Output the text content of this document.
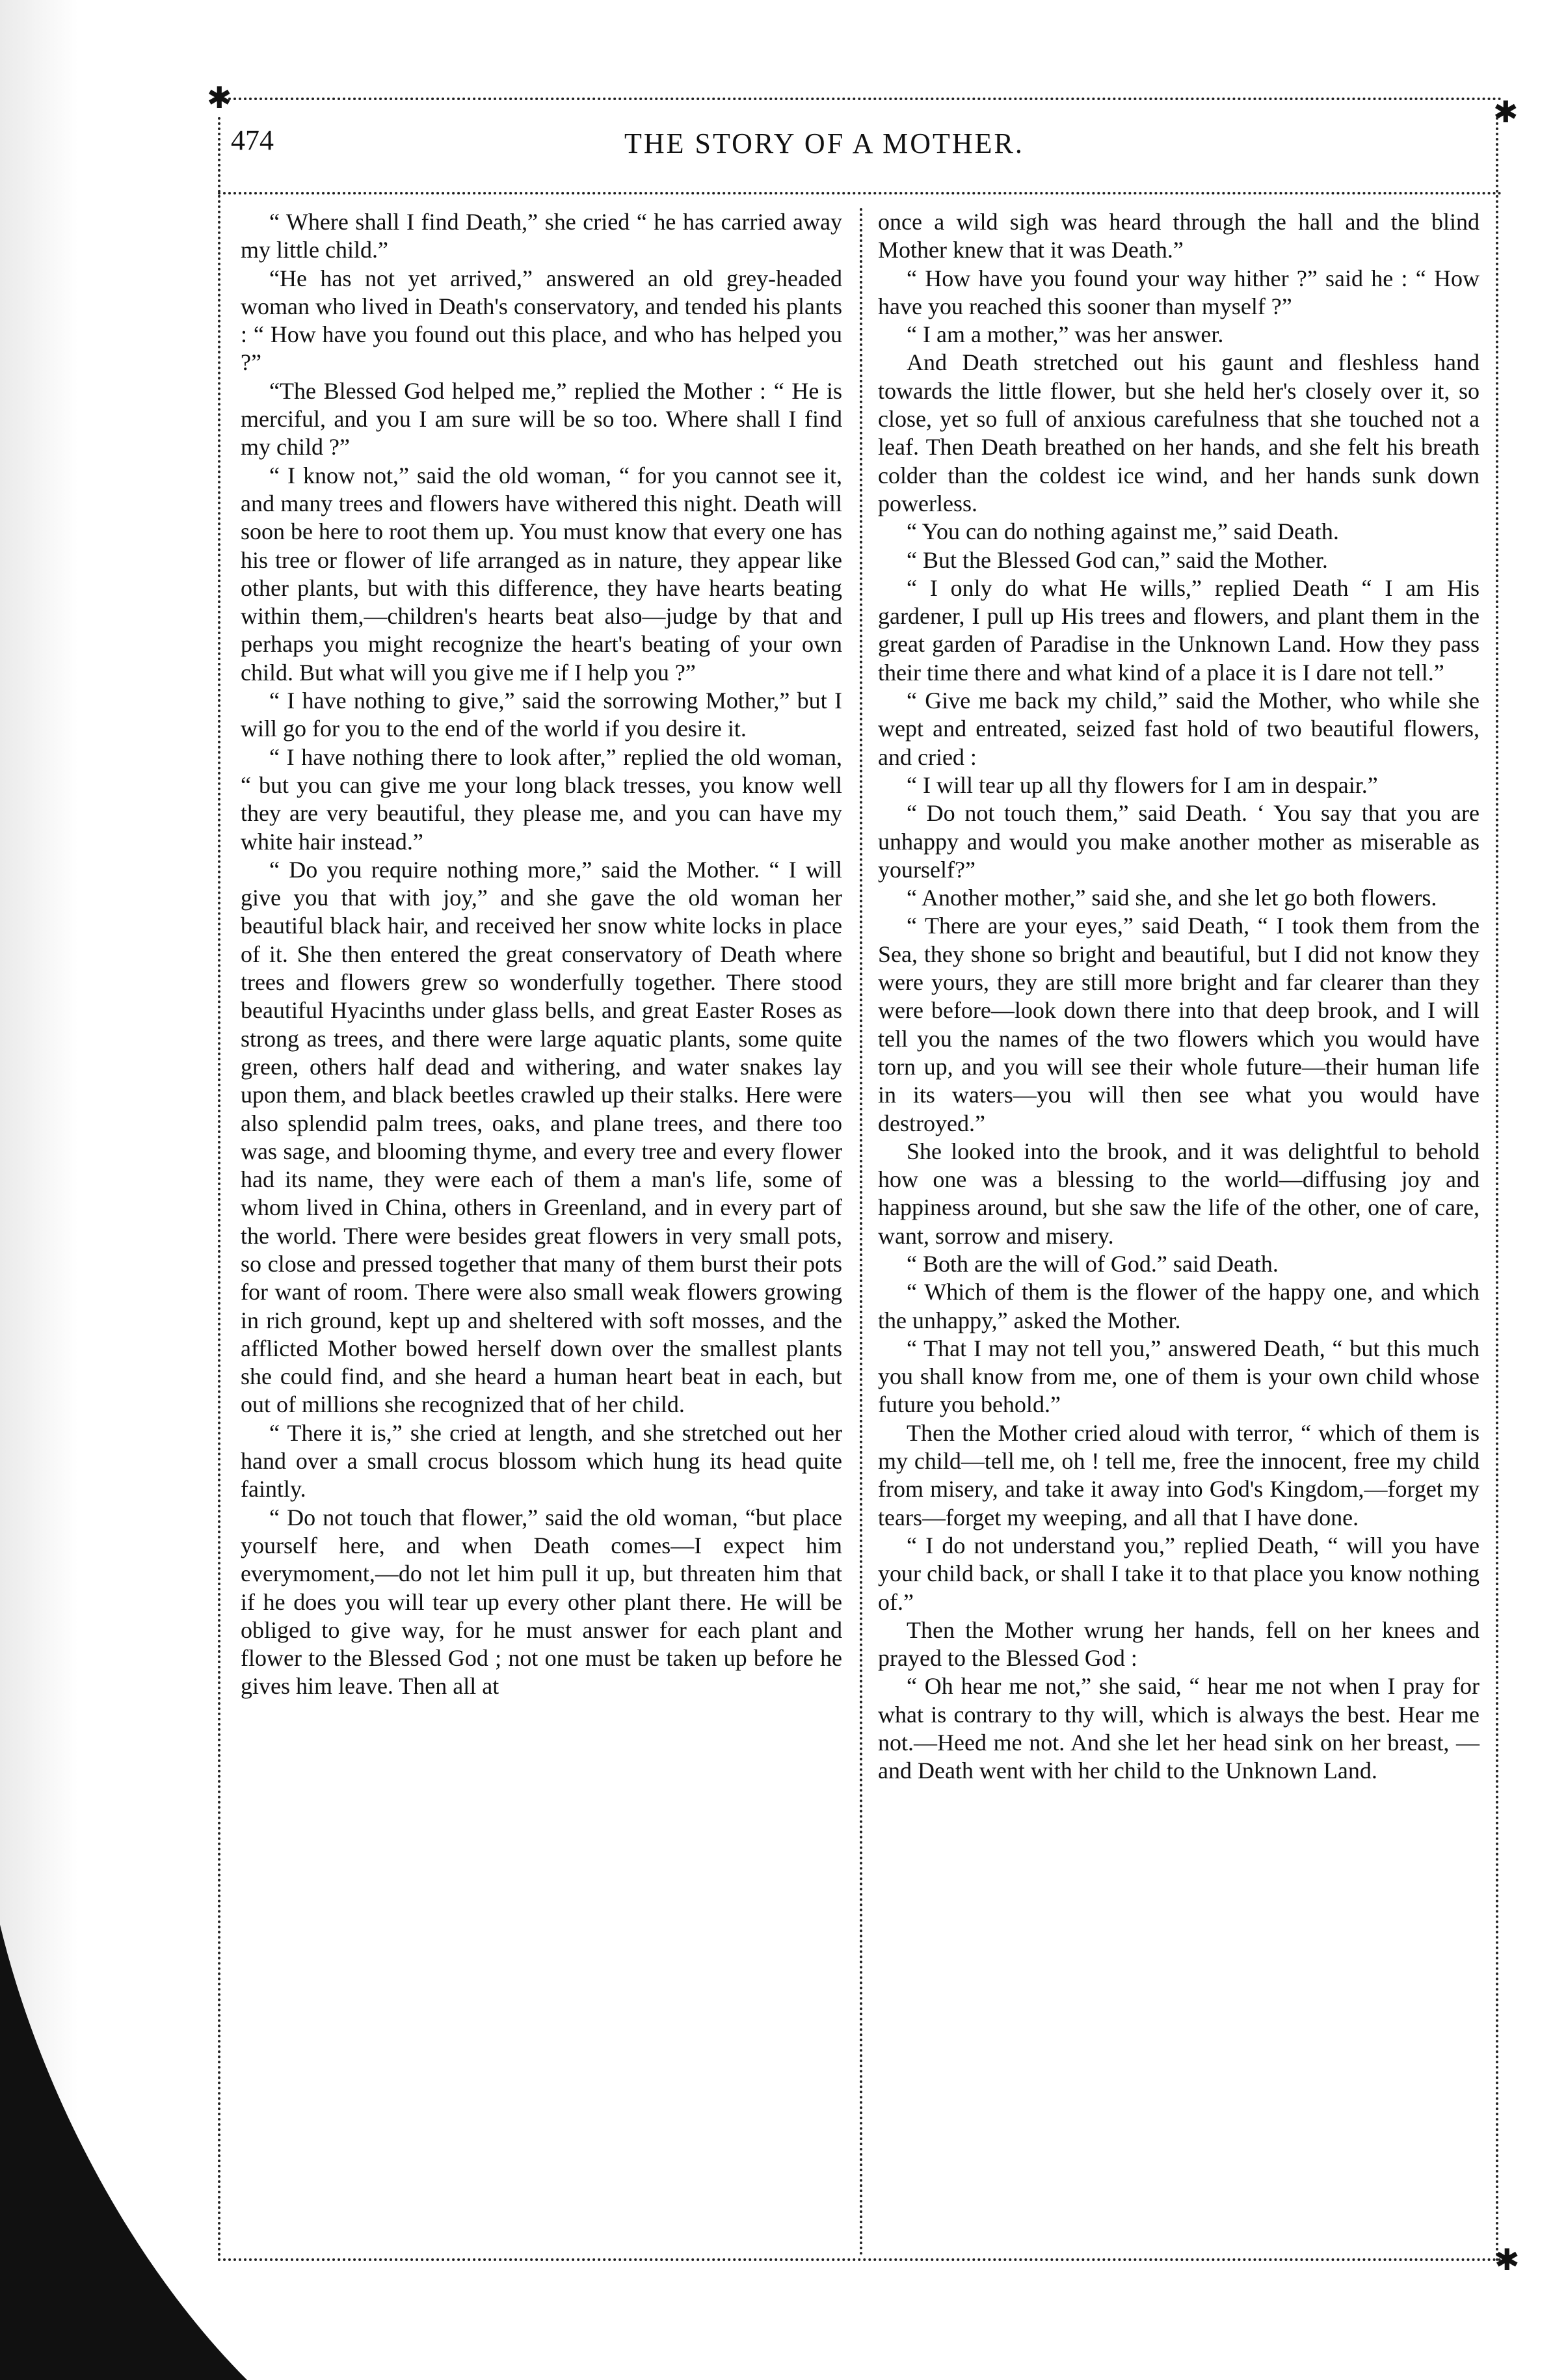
✱	✱
✱
474	THE STORY OF A MOTHER.

“ Where shall I find Death,” she cried “ he has carried away my little child.”

“He has not yet arrived,” answered an old grey-headed woman who lived in Death's conservatory, and tended his plants : “ How have you found out this place, and who has helped you ?”

“The Blessed God helped me,” replied the Mother : “ He is merciful, and you I am sure will be so too. Where shall I find my child ?”

“ I know not,” said the old woman, “ for you cannot see it, and many trees and flowers have withered this night. Death will soon be here to root them up. You must know that every one has his tree or flower of life arranged as in nature, they appear like other plants, but with this difference, they have hearts beating within them,—children's hearts beat also—judge by that and perhaps you might recognize the heart's beating of your own child. But what will you give me if I help you ?”

“ I have nothing to give,” said the sorrowing Mother,” but I will go for you to the end of the world if you desire it.

“ I have nothing there to look after,” replied the old woman, “ but you can give me your long black tresses, you know well they are very beautiful, they please me, and you can have my white hair instead.”

“ Do you require nothing more,” said the Mother. “ I will give you that with joy,” and she gave the old woman her beautiful black hair, and received her snow white locks in place of it. She then entered the great conservatory of Death where trees and flowers grew so wonderfully together. There stood beautiful Hyacinths under glass bells, and great Easter Roses as strong as trees, and there were large aquatic plants, some quite green, others half dead and withering, and water snakes lay upon them, and black beetles crawled up their stalks. Here were also splendid palm trees, oaks, and plane trees, and there too was sage, and blooming thyme, and every tree and every flower had its name, they were each of them a man's life, some of whom lived in China, others in Greenland, and in every part of the world. There were besides great flowers in very small pots, so close and pressed together that many of them burst their pots for want of room. There were also small weak flowers growing in rich ground, kept up and sheltered with soft mosses, and the afflicted Mother bowed herself down over the smallest plants she could find, and she heard a human heart beat in each, but out of millions she recognized that of her child.

“ There it is,” she cried at length, and she stretched out her hand over a small crocus blossom which hung its head quite faintly.

“ Do not touch that flower,” said the old woman, “but place yourself here, and when Death comes—I expect him everymoment,—do not let him pull it up, but threaten him that if he does you will tear up every other plant there. He will be obliged to give way, for he must answer for each plant and flower to the Blessed God ; not one must be taken up before he gives him leave. Then all at

once a wild sigh was heard through the hall and the blind Mother knew that it was Death.”

“ How have you found your way hither ?” said he : “ How have you reached this sooner than myself ?”

“ I am a mother,” was her answer.

And Death stretched out his gaunt and fleshless hand towards the little flower, but she held her's closely over it, so close, yet so full of anxious carefulness that she touched not a leaf. Then Death breathed on her hands, and she felt his breath colder than the coldest ice wind, and her hands sunk down powerless.

“ You can do nothing against me,” said Death.

“ But the Blessed God can,” said the Mother.

“ I only do what He wills,” replied Death “ I am His gardener, I pull up His trees and flowers, and plant them in the great garden of Paradise in the Unknown Land. How they pass their time there and what kind of a place it is I dare not tell.”

“ Give me back my child,” said the Mother, who while she wept and entreated, seized fast hold of two beautiful flowers, and cried :

“ I will tear up all thy flowers for I am in despair.”

“ Do not touch them,” said Death. ‘ You say that you are unhappy and would you make another mother as miserable as yourself?”

“ Another mother,” said she, and she let go both flowers.

“ There are your eyes,” said Death, “ I took them from the Sea, they shone so bright and beautiful, but I did not know they were yours, they are still more bright and far clearer than they were before—look down there into that deep brook, and I will tell you the names of the two flowers which you would have torn up, and you will see their whole future—their human life in its waters—you will then see what you would have destroyed.”

She looked into the brook, and it was delightful to behold how one was a blessing to the world—diffusing joy and happiness around, but she saw the life of the other, one of care, want, sorrow and misery.

“ Both are the will of God.” said Death.

“ Which of them is the flower of the happy one, and which the unhappy,” asked the Mother.

“ That I may not tell you,” answered Death, “ but this much you shall know from me, one of them is your own child whose future you behold.”

Then the Mother cried aloud with terror, “ which of them is my child—tell me, oh ! tell me, free the innocent, free my child from misery, and take it away into God's Kingdom,—forget my tears—forget my weeping, and all that I have done.

“ I do not understand you,” replied Death, “ will you have your child back, or shall I take it to that place you know nothing of.”

Then the Mother wrung her hands, fell on her knees and prayed to the Blessed God :

“ Oh hear me not,” she said, “ hear me not when I pray for what is contrary to thy will, which is always the best. Hear me not.—Heed me not. And she let her head sink on her breast, —and Death went with her child to the Unknown Land.
